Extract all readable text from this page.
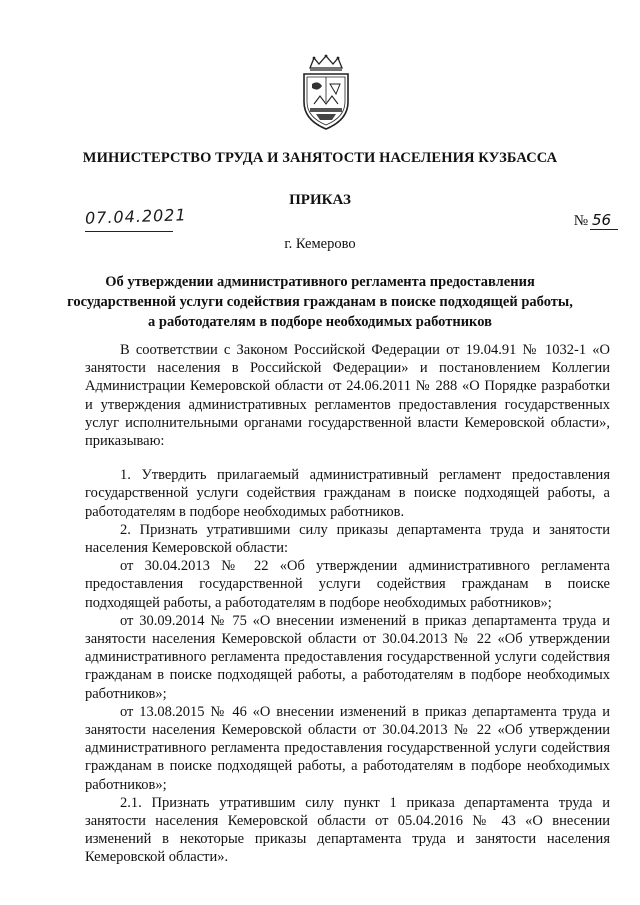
МИНИСТЕРСТВО ТРУДА И ЗАНЯТОСТИ НАСЕЛЕНИЯ КУЗБАССА
ПРИКАЗ
07.04.2021	№ 56
г. Кемерово
Об утверждении административного регламента предоставления
государственной услуги содействия гражданам в поиске подходящей работы,
а работодателям в подборе необходимых работников

В соответствии с Законом Российской Федерации от 19.04.91 № 1032-1 «О занятости населения в Российской Федерации» и постановлением Коллегии Администрации Кемеровской области от 24.06.2011 № 288 «О Порядке разработки и утверждения административных регламентов предоставления государственных услуг исполнительными органами государственной власти Кемеровской области», приказываю:

1. Утвердить прилагаемый административный регламент предоставления государственной услуги содействия гражданам в поиске подходящей работы, а работодателям в подборе необходимых работников.

2. Признать утратившими силу приказы департамента труда и занятости населения Кемеровской области:

от 30.04.2013 № 22 «Об утверждении административного регламента предоставления государственной услуги содействия гражданам в поиске подходящей работы, а работодателям в подборе необходимых работников»;

от 30.09.2014 № 75 «О внесении изменений в приказ департамента труда и занятости населения Кемеровской области от 30.04.2013 № 22 «Об утверждении административного регламента предоставления государственной услуги содействия гражданам в поиске подходящей работы, а работодателям в подборе необходимых работников»;

от 13.08.2015 № 46 «О внесении изменений в приказ департамента труда и занятости населения Кемеровской области от 30.04.2013 № 22 «Об утверждении административного регламента предоставления государственной услуги содействия гражданам в поиске подходящей работы, а работодателям в подборе необходимых работников»;

2.1. Признать утратившим силу пункт 1 приказа департамента труда и занятости населения Кемеровской области от 05.04.2016 № 43 «О внесении изменений в некоторые приказы департамента труда и занятости населения Кемеровской области».
